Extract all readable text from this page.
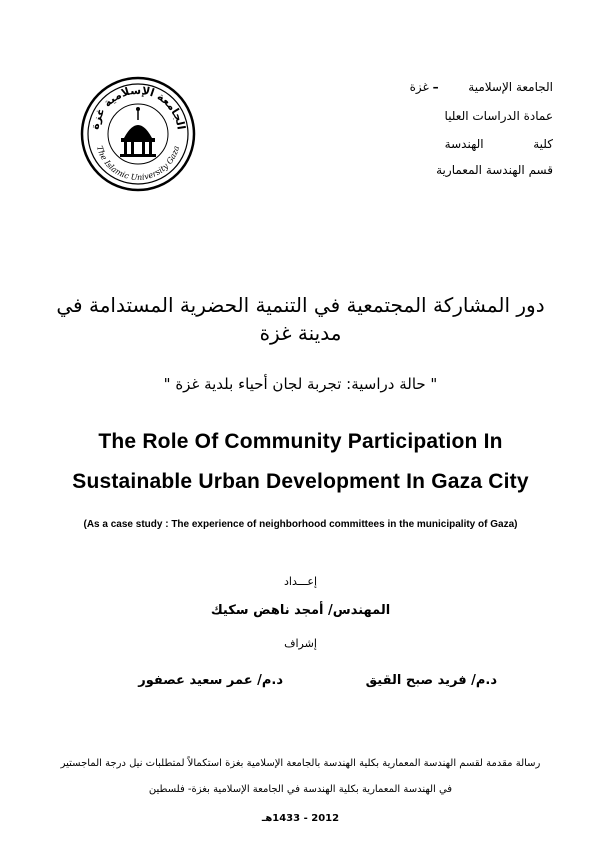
الجامعة الإسلامية  – غزة
عمادة الدراسات العليا
كلية  الهندسة
قسم الهندسة المعمارية
الجامعة الإسلامية غزة
The Islamic University Gaza
دور المشاركة المجتمعية في التنمية الحضرية المستدامة في
مدينة غزة
" حالة دراسية: تجربة لجان أحياء بلدية غزة "
The Role Of Community Participation In
Sustainable Urban Development In Gaza City
(As a case study : The experience of neighborhood committees in the municipality of Gaza)
إعـــداد
المهندس/ أمجد ناهض سكيك
إشراف
د.م/ فريد صبح القيق
د.م/ عمر سعيد عصفور
رسالة مقدمة لقسم الهندسة المعمارية بكلية الهندسة بالجامعة الإسلامية بغزة استكمالاً لمتطلبات نيل درجة الماجستير
في الهندسة المعمارية بكلية الهندسة في الجامعة الإسلامية بغزة- فلسطين
2012 - 1433هـ
